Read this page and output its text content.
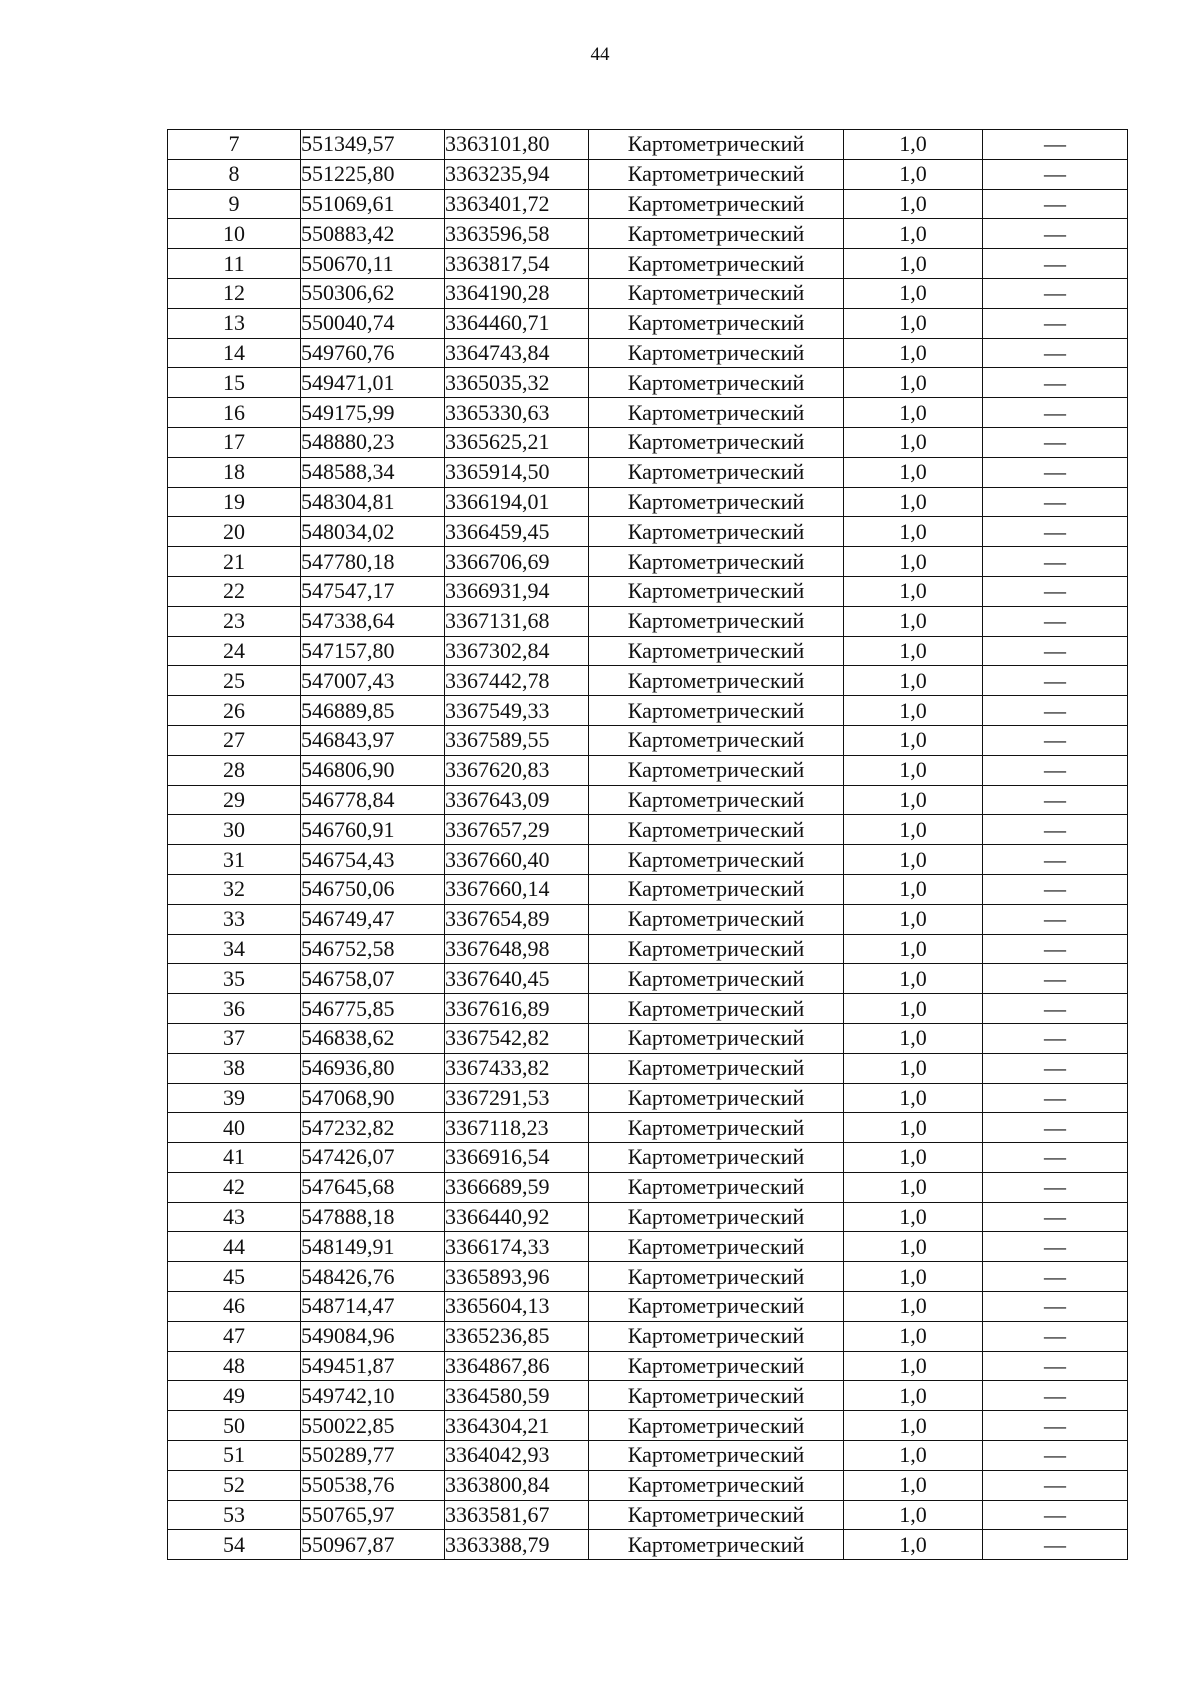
44
7	551349,57	3363101,80	Картометрический	1,0	—
8	551225,80	3363235,94	Картометрический	1,0	—
9	551069,61	3363401,72	Картометрический	1,0	—
10	550883,42	3363596,58	Картометрический	1,0	—
11	550670,11	3363817,54	Картометрический	1,0	—
12	550306,62	3364190,28	Картометрический	1,0	—
13	550040,74	3364460,71	Картометрический	1,0	—
14	549760,76	3364743,84	Картометрический	1,0	—
15	549471,01	3365035,32	Картометрический	1,0	—
16	549175,99	3365330,63	Картометрический	1,0	—
17	548880,23	3365625,21	Картометрический	1,0	—
18	548588,34	3365914,50	Картометрический	1,0	—
19	548304,81	3366194,01	Картометрический	1,0	—
20	548034,02	3366459,45	Картометрический	1,0	—
21	547780,18	3366706,69	Картометрический	1,0	—
22	547547,17	3366931,94	Картометрический	1,0	—
23	547338,64	3367131,68	Картометрический	1,0	—
24	547157,80	3367302,84	Картометрический	1,0	—
25	547007,43	3367442,78	Картометрический	1,0	—
26	546889,85	3367549,33	Картометрический	1,0	—
27	546843,97	3367589,55	Картометрический	1,0	—
28	546806,90	3367620,83	Картометрический	1,0	—
29	546778,84	3367643,09	Картометрический	1,0	—
30	546760,91	3367657,29	Картометрический	1,0	—
31	546754,43	3367660,40	Картометрический	1,0	—
32	546750,06	3367660,14	Картометрический	1,0	—
33	546749,47	3367654,89	Картометрический	1,0	—
34	546752,58	3367648,98	Картометрический	1,0	—
35	546758,07	3367640,45	Картометрический	1,0	—
36	546775,85	3367616,89	Картометрический	1,0	—
37	546838,62	3367542,82	Картометрический	1,0	—
38	546936,80	3367433,82	Картометрический	1,0	—
39	547068,90	3367291,53	Картометрический	1,0	—
40	547232,82	3367118,23	Картометрический	1,0	—
41	547426,07	3366916,54	Картометрический	1,0	—
42	547645,68	3366689,59	Картометрический	1,0	—
43	547888,18	3366440,92	Картометрический	1,0	—
44	548149,91	3366174,33	Картометрический	1,0	—
45	548426,76	3365893,96	Картометрический	1,0	—
46	548714,47	3365604,13	Картометрический	1,0	—
47	549084,96	3365236,85	Картометрический	1,0	—
48	549451,87	3364867,86	Картометрический	1,0	—
49	549742,10	3364580,59	Картометрический	1,0	—
50	550022,85	3364304,21	Картометрический	1,0	—
51	550289,77	3364042,93	Картометрический	1,0	—
52	550538,76	3363800,84	Картометрический	1,0	—
53	550765,97	3363581,67	Картометрический	1,0	—
54	550967,87	3363388,79	Картометрический	1,0	—
